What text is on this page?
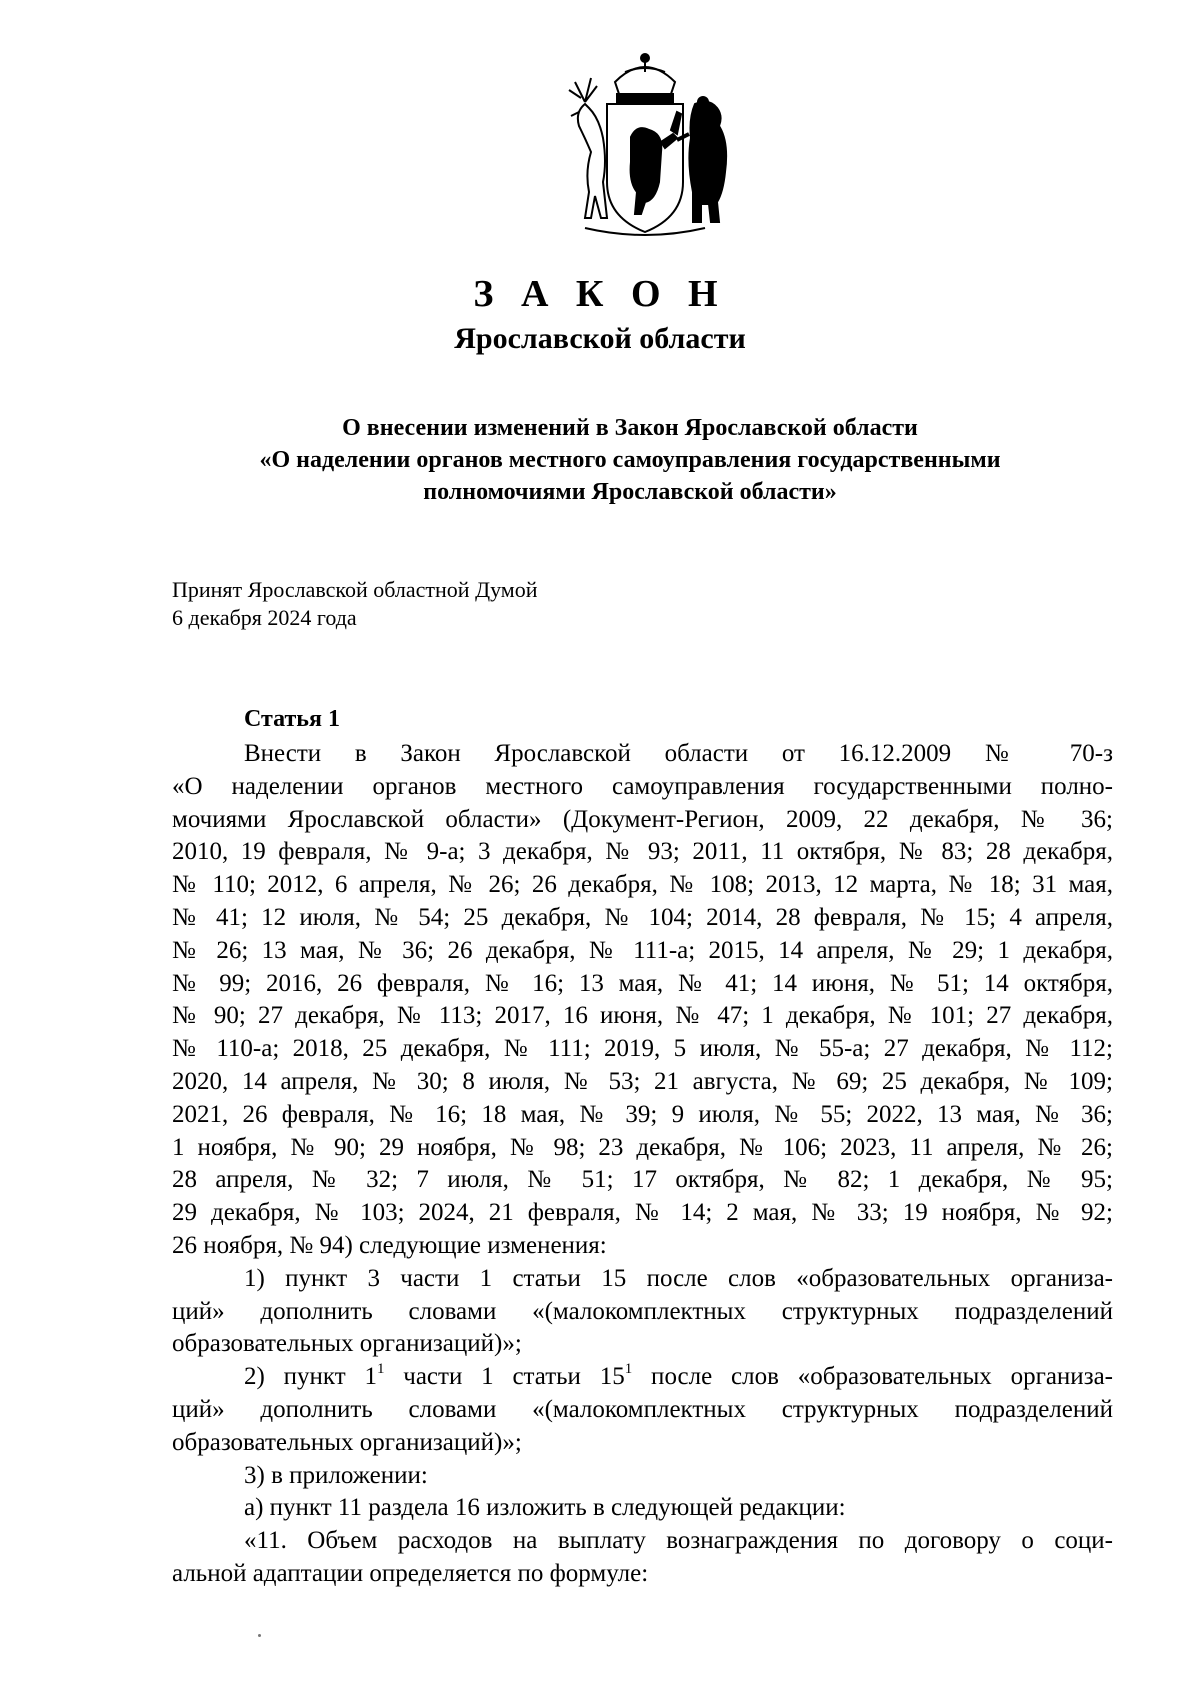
З А К О Н
Ярославской области
О внесении изменений в Закон Ярославской области
«О наделении органов местного самоуправления государственными
полномочиями Ярославской области»
Принят Ярославской областной Думой
6 декабря 2024 года
Статья 1
Внести в Закон Ярославской области от 16.12.2009 № 70-з
«О наделении органов местного самоуправления государственными полно-
мочиями Ярославской области» (Документ-Регион, 2009, 22 декабря, № 36;
2010, 19 февраля, № 9-а; 3 декабря, № 93; 2011, 11 октября, № 83; 28 декабря,
№ 110; 2012, 6 апреля, № 26; 26 декабря, № 108; 2013, 12 марта, № 18; 31 мая,
№ 41; 12 июля, № 54; 25 декабря, № 104; 2014, 28 февраля, № 15; 4 апреля,
№ 26; 13 мая, № 36; 26 декабря, № 111-а; 2015, 14 апреля, № 29; 1 декабря,
№ 99; 2016, 26 февраля, № 16; 13 мая, № 41; 14 июня, № 51; 14 октября,
№ 90; 27 декабря, № 113; 2017, 16 июня, № 47; 1 декабря, № 101; 27 декабря,
№ 110-а; 2018, 25 декабря, № 111; 2019, 5 июля, № 55-а; 27 декабря, № 112;
2020, 14 апреля, № 30; 8 июля, № 53; 21 августа, № 69; 25 декабря, № 109;
2021, 26 февраля, № 16; 18 мая, № 39; 9 июля, № 55; 2022, 13 мая, № 36;
1 ноября, № 90; 29 ноября, № 98; 23 декабря, № 106; 2023, 11 апреля, № 26;
28 апреля, № 32; 7 июля, № 51; 17 октября, № 82; 1 декабря, № 95;
29 декабря, № 103; 2024, 21 февраля, № 14; 2 мая, № 33; 19 ноября, № 92;
26 ноября, № 94) следующие изменения:
1) пункт 3 части 1 статьи 15 после слов «образовательных организа-
ций» дополнить словами «(малокомплектных структурных подразделений
образовательных организаций)»;
2) пункт $1^1$ части 1 статьи $15^1$ после слов «образовательных организа-
ций» дополнить словами «(малокомплектных структурных подразделений
образовательных организаций)»;
3) в приложении:
а) пункт 11 раздела 16 изложить в следующей редакции:
«11. Объем расходов на выплату вознаграждения по договору о соци-
альной адаптации определяется по формуле:
